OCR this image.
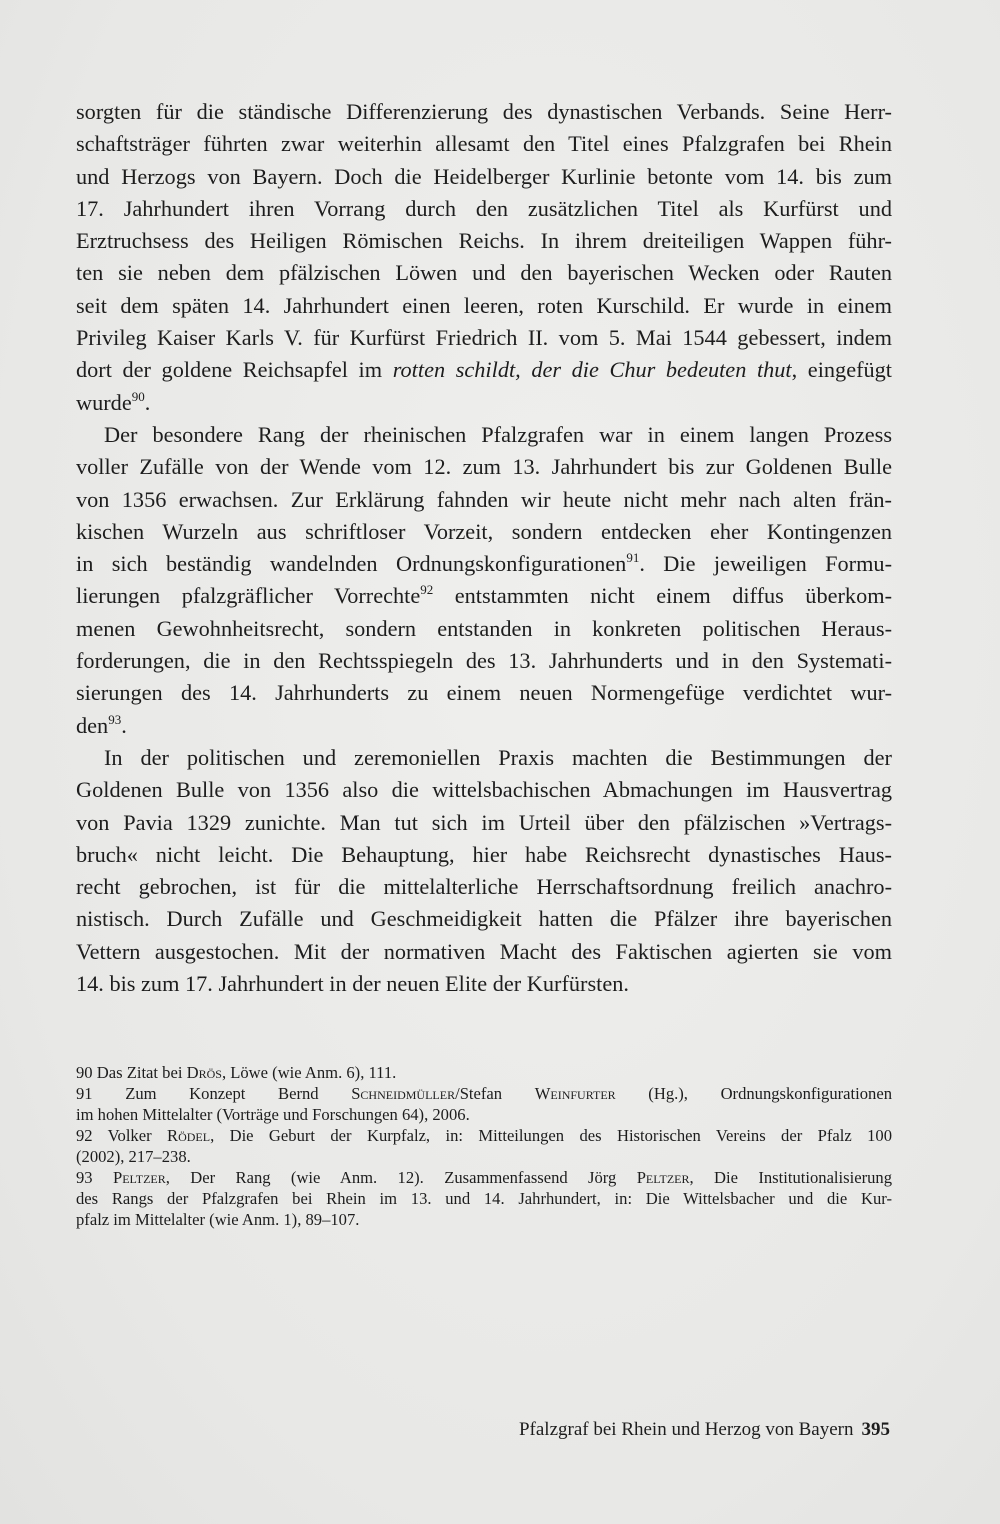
sorgten für die ständische Differenzierung des dynastischen Verbands. Seine Herr-
schaftsträger führten zwar weiterhin allesamt den Titel eines Pfalzgrafen bei Rhein
und Herzogs von Bayern. Doch die Heidelberger Kurlinie betonte vom 14. bis zum
17. Jahrhundert ihren Vorrang durch den zusätzlichen Titel als Kurfürst und
Erztruchsess des Heiligen Römischen Reichs. In ihrem dreiteiligen Wappen führ-
ten sie neben dem pfälzischen Löwen und den bayerischen Wecken oder Rauten
seit dem späten 14. Jahrhundert einen leeren, roten Kurschild. Er wurde in einem
Privileg Kaiser Karls V. für Kurfürst Friedrich II. vom 5. Mai 1544 gebessert, indem
dort der goldene Reichsapfel im rotten schildt, der die Chur bedeuten thut, eingefügt
wurde$^{90}$.
Der besondere Rang der rheinischen Pfalzgrafen war in einem langen Prozess
voller Zufälle von der Wende vom 12. zum 13. Jahrhundert bis zur Goldenen Bulle
von 1356 erwachsen. Zur Erklärung fahnden wir heute nicht mehr nach alten frän-
kischen Wurzeln aus schriftloser Vorzeit, sondern entdecken eher Kontingenzen
in sich beständig wandelnden Ordnungskonfigurationen$^{91}$. Die jeweiligen Formu-
lierungen pfalzgräflicher Vorrechte$^{92}$ entstammten nicht einem diffus überkom-
menen Gewohnheitsrecht, sondern entstanden in konkreten politischen Heraus-
forderungen, die in den Rechtsspiegeln des 13. Jahrhunderts und in den Systemati-
sierungen des 14. Jahrhunderts zu einem neuen Normengefüge verdichtet wur-
den$^{93}$.
In der politischen und zeremoniellen Praxis machten die Bestimmungen der
Goldenen Bulle von 1356 also die wittelsbachischen Abmachungen im Hausvertrag
von Pavia 1329 zunichte. Man tut sich im Urteil über den pfälzischen »Vertrags-
bruch« nicht leicht. Die Behauptung, hier habe Reichsrecht dynastisches Haus-
recht gebrochen, ist für die mittelalterliche Herrschaftsordnung freilich anachro-
nistisch. Durch Zufälle und Geschmeidigkeit hatten die Pfälzer ihre bayerischen
Vettern ausgestochen. Mit der normativen Macht des Faktischen agierten sie vom
14. bis zum 17. Jahrhundert in der neuen Elite der Kurfürsten.
90 Das Zitat bei Drös, Löwe (wie Anm. 6), 111.
91 Zum Konzept Bernd Schneidmüller/Stefan Weinfurter (Hg.), Ordnungskonfigurationen
im hohen Mittelalter (Vorträge und Forschungen 64), 2006.
92 Volker Rödel, Die Geburt der Kurpfalz, in: Mitteilungen des Historischen Vereins der Pfalz 100
(2002), 217–238.
93 Peltzer, Der Rang (wie Anm. 12). Zusammenfassend Jörg Peltzer, Die Institutionalisierung
des Rangs der Pfalzgrafen bei Rhein im 13. und 14. Jahrhundert, in: Die Wittelsbacher und die Kur-
pfalz im Mittelalter (wie Anm. 1), 89–107.
Pfalzgraf bei Rhein und Herzog von Bayern 395
